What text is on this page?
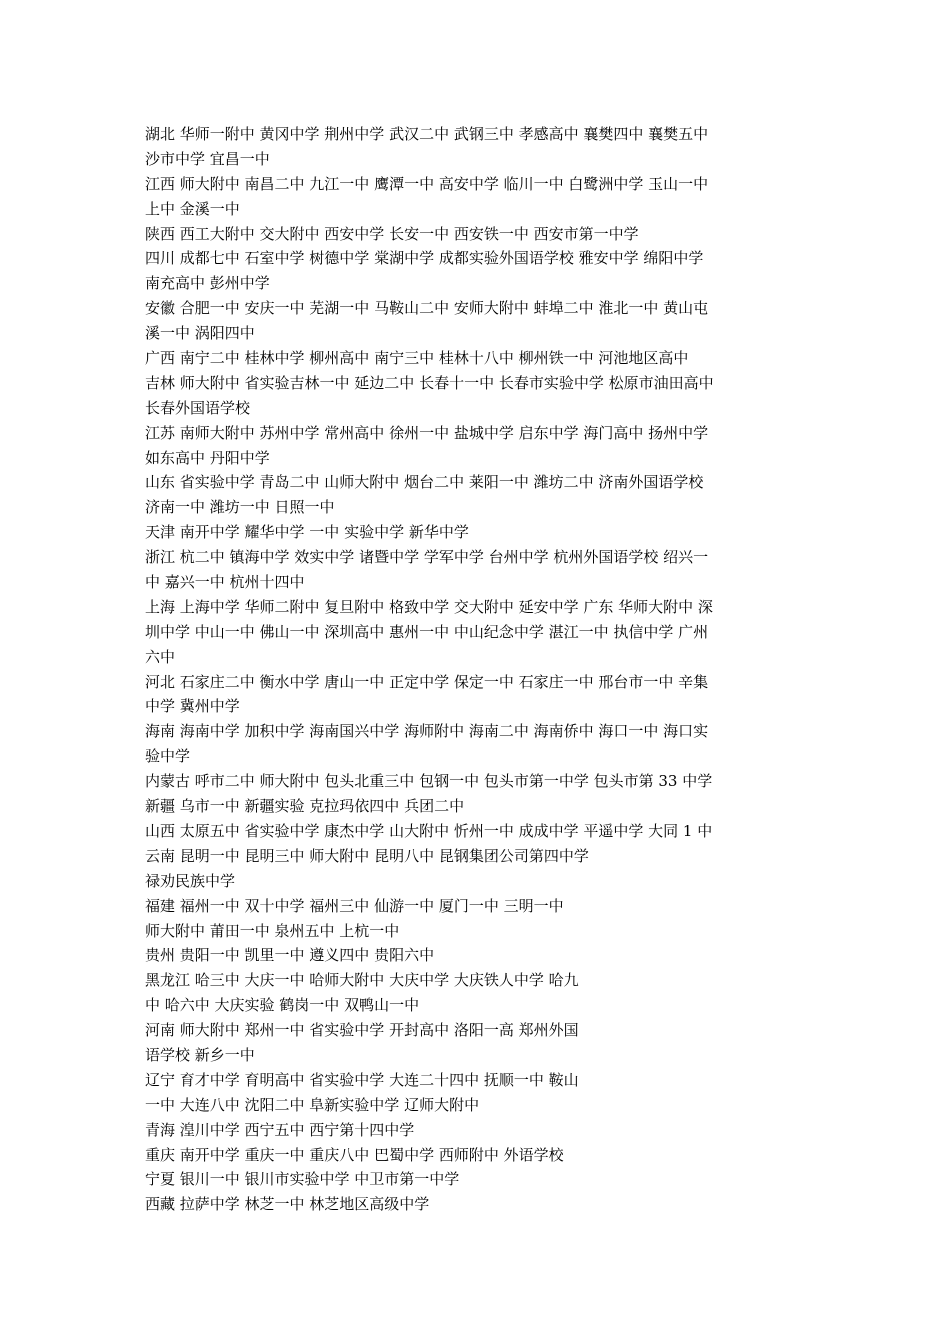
湖北 华师一附中 黄冈中学 荆州中学 武汉二中 武钢三中 孝感高中 襄樊四中 襄樊五中
沙市中学 宜昌一中
江西 师大附中 南昌二中 九江一中 鹰潭一中 高安中学 临川一中 白鹭洲中学 玉山一中
上中 金溪一中
陕西 西工大附中 交大附中 西安中学 长安一中 西安铁一中 西安市第一中学
四川 成都七中 石室中学 树德中学 棠湖中学 成都实验外国语学校 雅安中学 绵阳中学
南充高中 彭州中学
安徽 合肥一中 安庆一中 芜湖一中 马鞍山二中 安师大附中 蚌埠二中 淮北一中 黄山屯
溪一中 涡阳四中
广西 南宁二中 桂林中学 柳州高中 南宁三中 桂林十八中 柳州铁一中 河池地区高中
吉林 师大附中 省实验吉林一中 延边二中 长春十一中 长春市实验中学 松原市油田高中
长春外国语学校
江苏 南师大附中 苏州中学 常州高中 徐州一中 盐城中学 启东中学 海门高中 扬州中学
如东高中 丹阳中学
山东 省实验中学 青岛二中 山师大附中 烟台二中 莱阳一中 潍坊二中 济南外国语学校
济南一中 潍坊一中 日照一中
天津 南开中学 耀华中学 一中 实验中学 新华中学
浙江 杭二中 镇海中学 效实中学 诸暨中学 学军中学 台州中学 杭州外国语学校 绍兴一
中 嘉兴一中 杭州十四中
上海 上海中学 华师二附中 复旦附中 格致中学 交大附中 延安中学 广东 华师大附中 深
圳中学 中山一中 佛山一中 深圳高中 惠州一中 中山纪念中学 湛江一中 执信中学 广州
六中
河北 石家庄二中 衡水中学 唐山一中 正定中学 保定一中 石家庄一中 邢台市一中 辛集
中学 冀州中学
海南 海南中学 加积中学 海南国兴中学 海师附中 海南二中 海南侨中 海口一中 海口实
验中学
内蒙古 呼市二中 师大附中 包头北重三中 包钢一中 包头市第一中学 包头市第 33 中学
新疆 乌市一中 新疆实验 克拉玛依四中 兵团二中
山西 太原五中 省实验中学 康杰中学 山大附中 忻州一中 成成中学 平遥中学 大同 1 中
云南 昆明一中 昆明三中 师大附中 昆明八中 昆钢集团公司第四中学
禄劝民族中学
福建 福州一中 双十中学 福州三中 仙游一中 厦门一中 三明一中
师大附中 莆田一中 泉州五中 上杭一中
贵州 贵阳一中 凯里一中 遵义四中 贵阳六中
黑龙江 哈三中 大庆一中 哈师大附中 大庆中学 大庆铁人中学 哈九
中 哈六中 大庆实验 鹤岗一中 双鸭山一中
河南 师大附中 郑州一中 省实验中学 开封高中 洛阳一高 郑州外国
语学校 新乡一中
辽宁 育才中学 育明高中 省实验中学 大连二十四中 抚顺一中 鞍山
一中 大连八中 沈阳二中 阜新实验中学 辽师大附中
青海 湟川中学 西宁五中 西宁第十四中学
重庆 南开中学 重庆一中 重庆八中 巴蜀中学 西师附中 外语学校
宁夏 银川一中 银川市实验中学 中卫市第一中学
西藏 拉萨中学 林芝一中 林芝地区高级中学
